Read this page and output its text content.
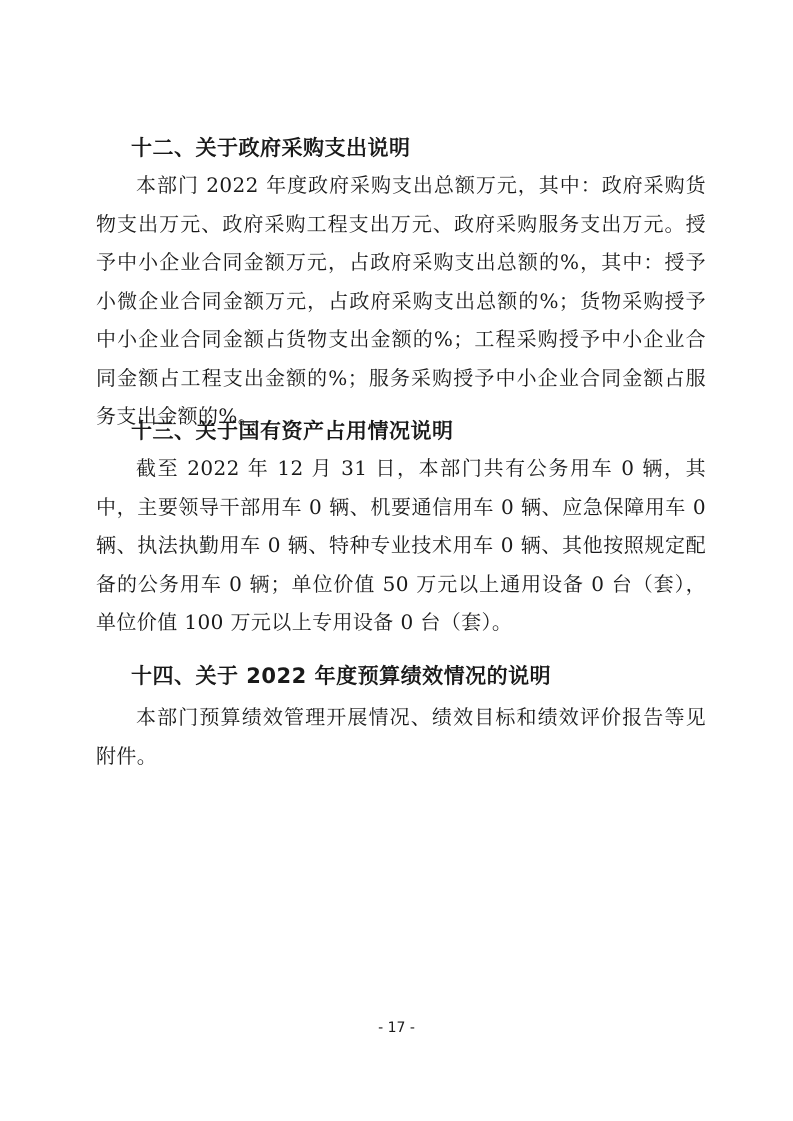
十二、关于政府采购支出说明
本部门 2022 年度政府采购支出总额万元，其中：政府采购货物支出万元、政府采购工程支出万元、政府采购服务支出万元。授予中小企业合同金额万元，占政府采购支出总额的%，其中：授予小微企业合同金额万元，占政府采购支出总额的%；货物采购授予中小企业合同金额占货物支出金额的%；工程采购授予中小企业合同金额占工程支出金额的%；服务采购授予中小企业合同金额占服务支出金额的%。
十三、关于国有资产占用情况说明
截至 2022 年 12 月 31 日，本部门共有公务用车 0 辆，其中，主要领导干部用车 0 辆、机要通信用车 0 辆、应急保障用车 0 辆、执法执勤用车 0 辆、特种专业技术用车 0 辆、其他按照规定配备的公务用车 0 辆；单位价值 50 万元以上通用设备 0 台（套），单位价值 100 万元以上专用设备 0 台（套）。
十四、关于 2022 年度预算绩效情况的说明
本部门预算绩效管理开展情况、绩效目标和绩效评价报告等见附件。
- 17 -
